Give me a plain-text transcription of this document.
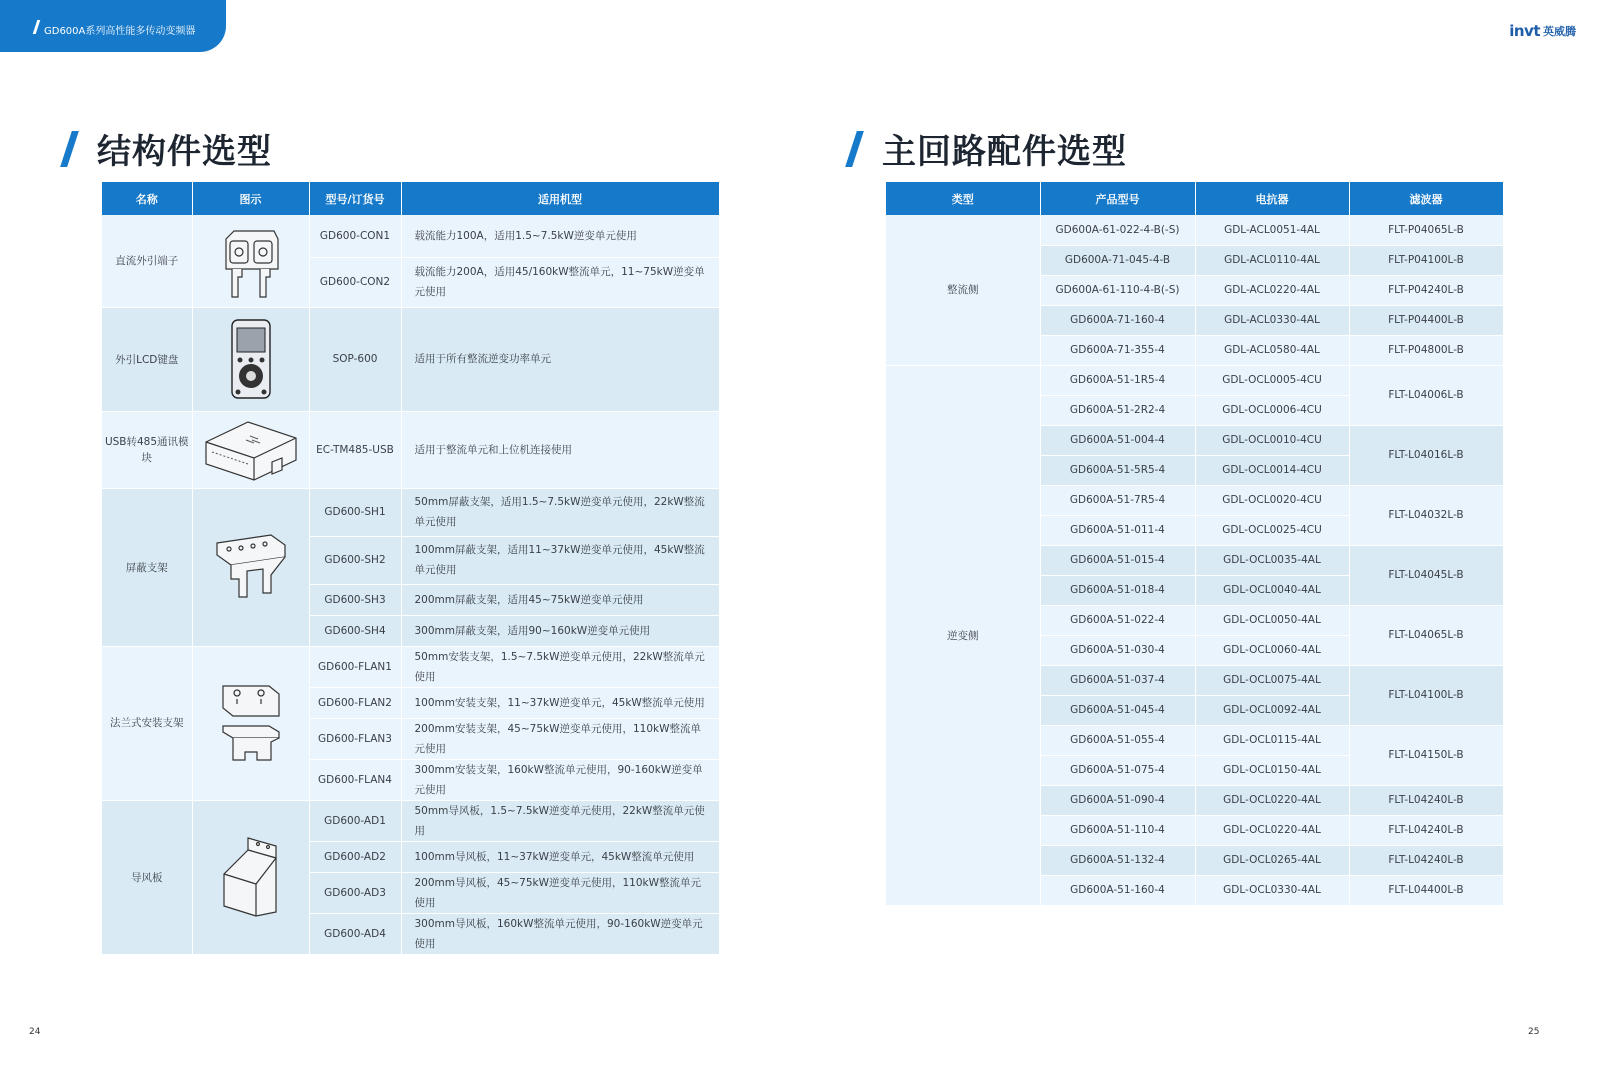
GD600A系列高性能多传动变频器	invt 英威腾
结构件选型	主回路配件选型
名称	图示	型号/订货号	适用机型
直流外引端子		GD600-CON1	载流能力100A，适用1.5~7.5kW逆变单元使用
		GD600-CON2	载流能力200A，适用45/160kW整流单元，11~75kW逆变单元使用
外引LCD键盘		SOP-600	适用于所有整流逆变功率单元
USB转485通讯模块		EC-TM485-USB	适用于整流单元和上位机连接使用
屏蔽支架		GD600-SH1	50mm屏蔽支架，适用1.5~7.5kW逆变单元使用，22kW整流单元使用
		GD600-SH2	100mm屏蔽支架，适用11~37kW逆变单元使用，45kW整流单元使用
		GD600-SH3	200mm屏蔽支架，适用45~75kW逆变单元使用
		GD600-SH4	300mm屏蔽支架，适用90~160kW逆变单元使用
法兰式安装支架		GD600-FLAN1	50mm安装支架，1.5~7.5kW逆变单元使用，22kW整流单元使用
		GD600-FLAN2	100mm安装支架，11~37kW逆变单元，45kW整流单元使用
		GD600-FLAN3	200mm安装支架，45~75kW逆变单元使用，110kW整流单元使用
		GD600-FLAN4	300mm安装支架，160kW整流单元使用，90-160kW逆变单元使用
导风板		GD600-AD1	50mm导风板，1.5~7.5kW逆变单元使用，22kW整流单元使用
		GD600-AD2	100mm导风板，11~37kW逆变单元，45kW整流单元使用
		GD600-AD3	200mm导风板，45~75kW逆变单元使用，110kW整流单元使用
		GD600-AD4	300mm导风板，160kW整流单元使用，90-160kW逆变单元使用
类型	产品型号	电抗器	滤波器
整流侧	GD600A-61-022-4-B(-S)	GDL-ACL0051-4AL	FLT-P04065L-B
	GD600A-71-045-4-B	GDL-ACL0110-4AL	FLT-P04100L-B
	GD600A-61-110-4-B(-S)	GDL-ACL0220-4AL	FLT-P04240L-B
	GD600A-71-160-4	GDL-ACL0330-4AL	FLT-P04400L-B
	GD600A-71-355-4	GDL-ACL0580-4AL	FLT-P04800L-B
逆变侧	GD600A-51-1R5-4	GDL-OCL0005-4CU	FLT-L04006L-B
	GD600A-51-2R2-4	GDL-OCL0006-4CU	
	GD600A-51-004-4	GDL-OCL0010-4CU	FLT-L04016L-B
	GD600A-51-5R5-4	GDL-OCL0014-4CU	
	GD600A-51-7R5-4	GDL-OCL0020-4CU	FLT-L04032L-B
	GD600A-51-011-4	GDL-OCL0025-4CU	
	GD600A-51-015-4	GDL-OCL0035-4AL	FLT-L04045L-B
	GD600A-51-018-4	GDL-OCL0040-4AL	
	GD600A-51-022-4	GDL-OCL0050-4AL	FLT-L04065L-B
	GD600A-51-030-4	GDL-OCL0060-4AL	
	GD600A-51-037-4	GDL-OCL0075-4AL	FLT-L04100L-B
	GD600A-51-045-4	GDL-OCL0092-4AL	
	GD600A-51-055-4	GDL-OCL0115-4AL	FLT-L04150L-B
	GD600A-51-075-4	GDL-OCL0150-4AL	
	GD600A-51-090-4	GDL-OCL0220-4AL	FLT-L04240L-B
	GD600A-51-110-4	GDL-OCL0220-4AL	FLT-L04240L-B
	GD600A-51-132-4	GDL-OCL0265-4AL	FLT-L04240L-B
	GD600A-51-160-4	GDL-OCL0330-4AL	FLT-L04400L-B
24	25
